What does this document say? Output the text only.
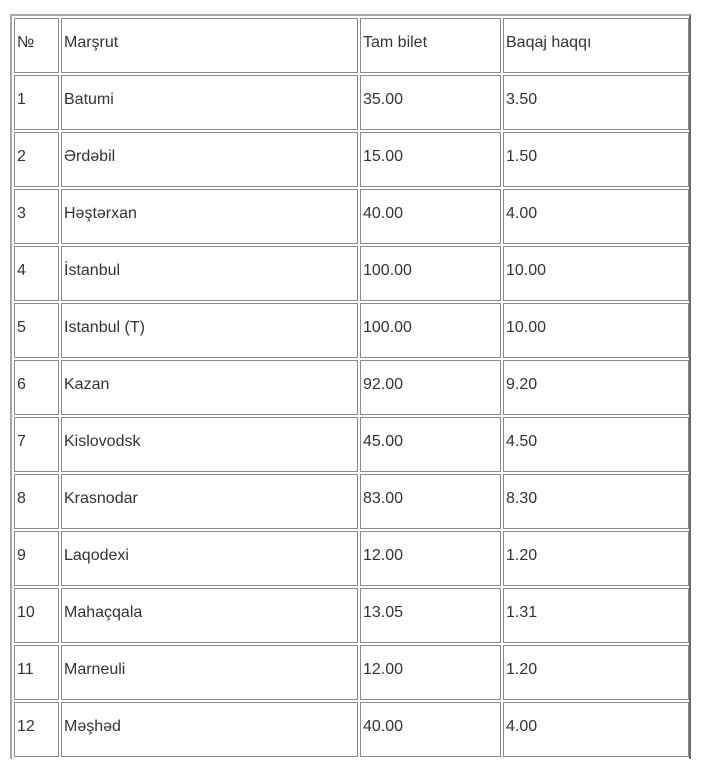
№	Marşrut	Tam bilet	Baqaj haqqı

1	Batumi	35.00	3.50

2	Ərdəbil	15.00	1.50

3	Həştərxan	40.00	4.00

4	İstanbul	100.00	10.00

5	Istanbul (T)	100.00	10.00

6	Kazan	92.00	9.20

7	Kislovodsk	45.00	4.50

8	Krasnodar	83.00	8.30

9	Laqodexi	12.00	1.20

10	Mahaçqala	13.05	1.31

11	Marneuli	12.00	1.20

12	Məşhəd	40.00	4.00
